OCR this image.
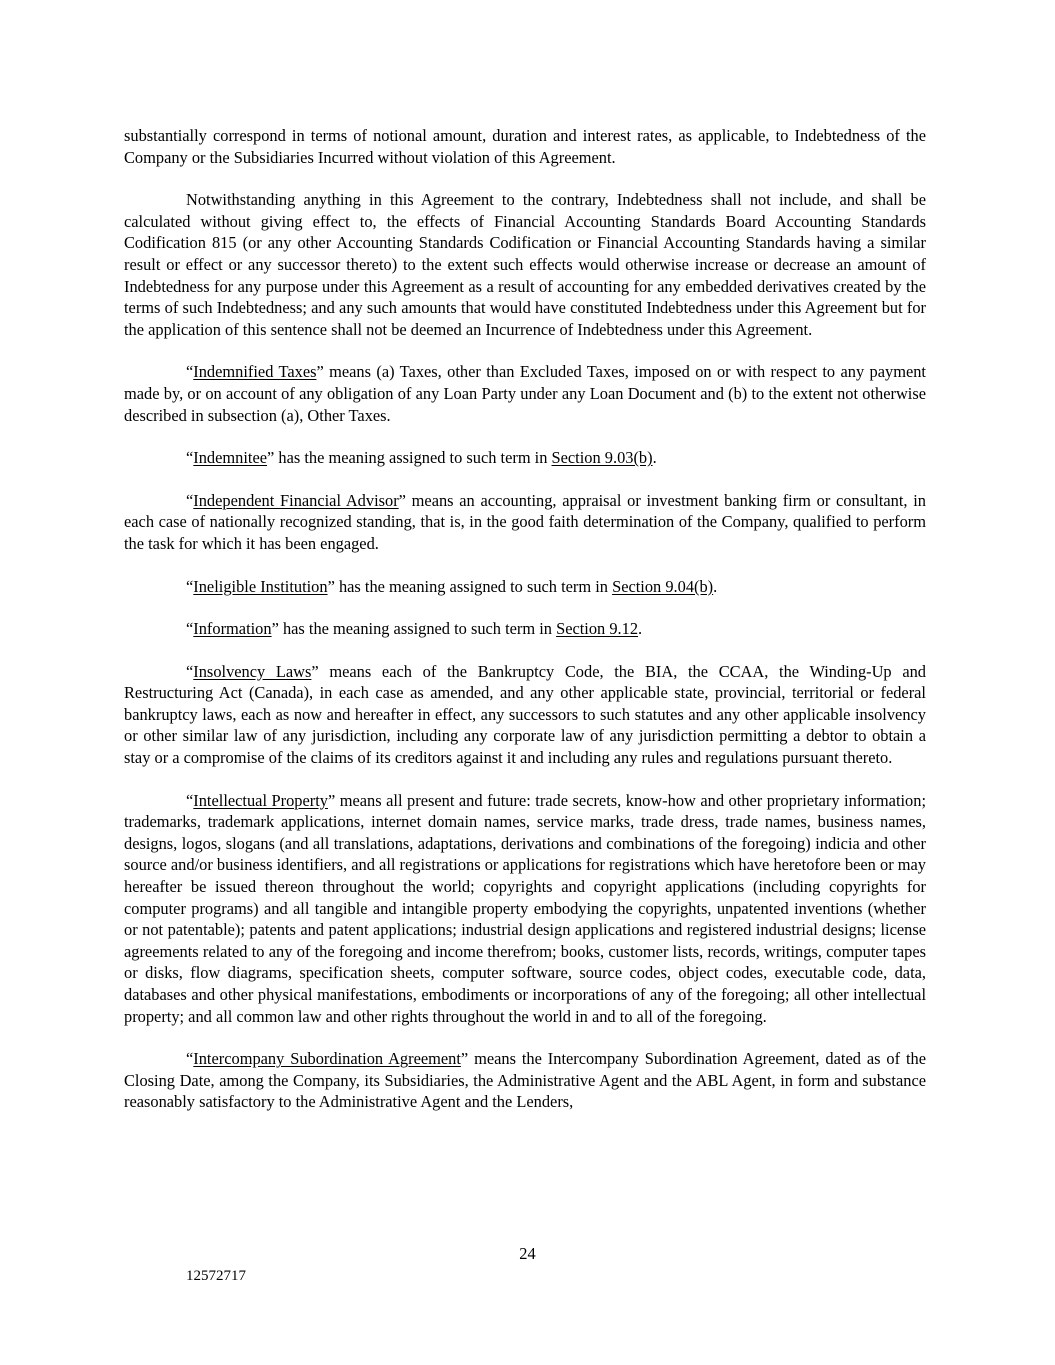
substantially correspond in terms of notional amount, duration and interest rates, as applicable, to Indebtedness of the Company or the Subsidiaries Incurred without violation of this Agreement.

Notwithstanding anything in this Agreement to the contrary, Indebtedness shall not include, and shall be calculated without giving effect to, the effects of Financial Accounting Standards Board Accounting Standards Codification 815 (or any other Accounting Standards Codification or Financial Accounting Standards having a similar result or effect or any successor thereto) to the extent such effects would otherwise increase or decrease an amount of Indebtedness for any purpose under this Agreement as a result of accounting for any embedded derivatives created by the terms of such Indebtedness; and any such amounts that would have constituted Indebtedness under this Agreement but for the application of this sentence shall not be deemed an Incurrence of Indebtedness under this Agreement.

“Indemnified Taxes” means (a) Taxes, other than Excluded Taxes, imposed on or with respect to any payment made by, or on account of any obligation of any Loan Party under any Loan Document and (b) to the extent not otherwise described in subsection (a), Other Taxes.

“Indemnitee” has the meaning assigned to such term in Section 9.03(b).

“Independent Financial Advisor” means an accounting, appraisal or investment banking firm or consultant, in each case of nationally recognized standing, that is, in the good faith determination of the Company, qualified to perform the task for which it has been engaged.

“Ineligible Institution” has the meaning assigned to such term in Section 9.04(b).

“Information” has the meaning assigned to such term in Section 9.12.

“Insolvency Laws” means each of the Bankruptcy Code, the BIA, the CCAA, the Winding-Up and Restructuring Act (Canada), in each case as amended, and any other applicable state, provincial, territorial or federal bankruptcy laws, each as now and hereafter in effect, any successors to such statutes and any other applicable insolvency or other similar law of any jurisdiction, including any corporate law of any jurisdiction permitting a debtor to obtain a stay or a compromise of the claims of its creditors against it and including any rules and regulations pursuant thereto.

“Intellectual Property” means all present and future: trade secrets, know-how and other proprietary information; trademarks, trademark applications, internet domain names, service marks, trade dress, trade names, business names, designs, logos, slogans (and all translations, adaptations, derivations and combinations of the foregoing) indicia and other source and/or business identifiers, and all registrations or applications for registrations which have heretofore been or may hereafter be issued thereon throughout the world; copyrights and copyright applications (including copyrights for computer programs) and all tangible and intangible property embodying the copyrights, unpatented inventions (whether or not patentable); patents and patent applications; industrial design applications and registered industrial designs; license agreements related to any of the foregoing and income therefrom; books, customer lists, records, writings, computer tapes or disks, flow diagrams, specification sheets, computer software, source codes, object codes, executable code, data, databases and other physical manifestations, embodiments or incorporations of any of the foregoing; all other intellectual property; and all common law and other rights throughout the world in and to all of the foregoing.

“Intercompany Subordination Agreement” means the Intercompany Subordination Agreement, dated as of the Closing Date, among the Company, its Subsidiaries, the Administrative Agent and the ABL Agent, in form and substance reasonably satisfactory to the Administrative Agent and the Lenders,

24
12572717
